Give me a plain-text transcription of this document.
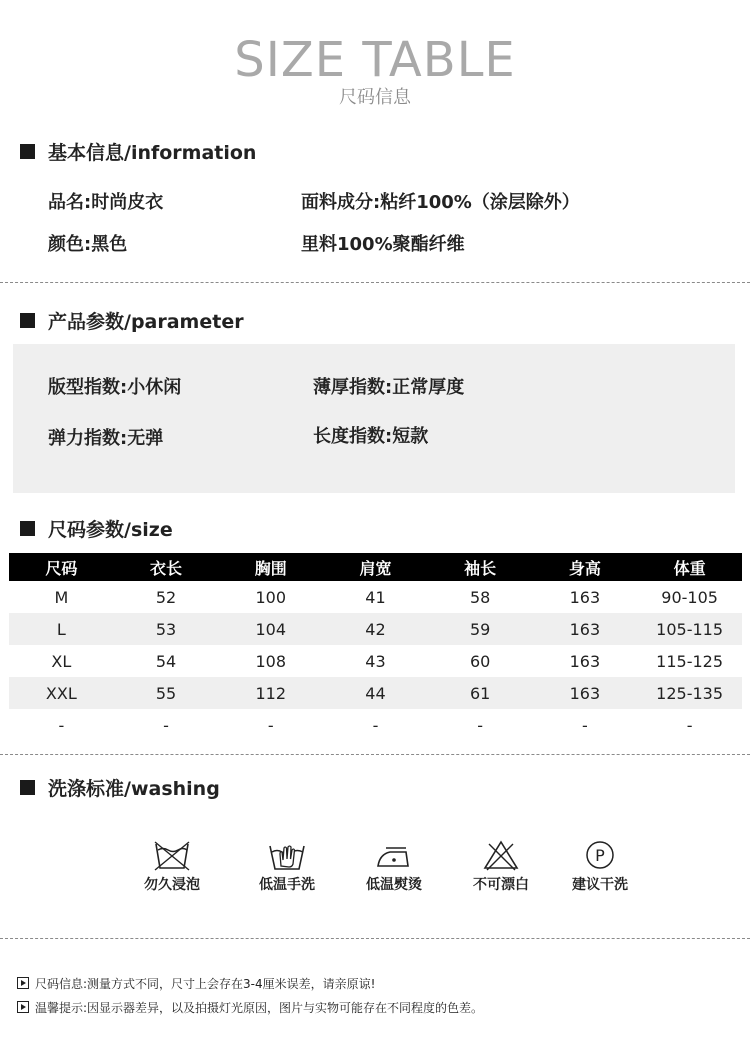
SIZE TABLE
尺码信息
基本信息/information
品名:时尚皮衣	面料成分:粘纤100%（涂层除外）
颜色:黑色	里料100%聚酯纤维
产品参数/parameter
版型指数:小休闲	薄厚指数:正常厚度
弹力指数:无弹	长度指数:短款
尺码参数/size
尺码	衣长	胸围	肩宽	袖长	身高	体重
M	52	100	41	58	163	90-105
L	53	104	42	59	163	105-115
XL	54	108	43	60	163	115-125
XXL	55	112	44	61	163	125-135
-	-	-	-	-	-	-
洗涤标准/washing
勿久浸泡	低温手洗	低温熨烫	不可漂白
P
建议干洗
尺码信息:测量方式不同，尺寸上会存在3-4厘米误差，请亲原谅!
温馨提示:因显示器差异，以及拍摄灯光原因，图片与实物可能存在不同程度的色差。
